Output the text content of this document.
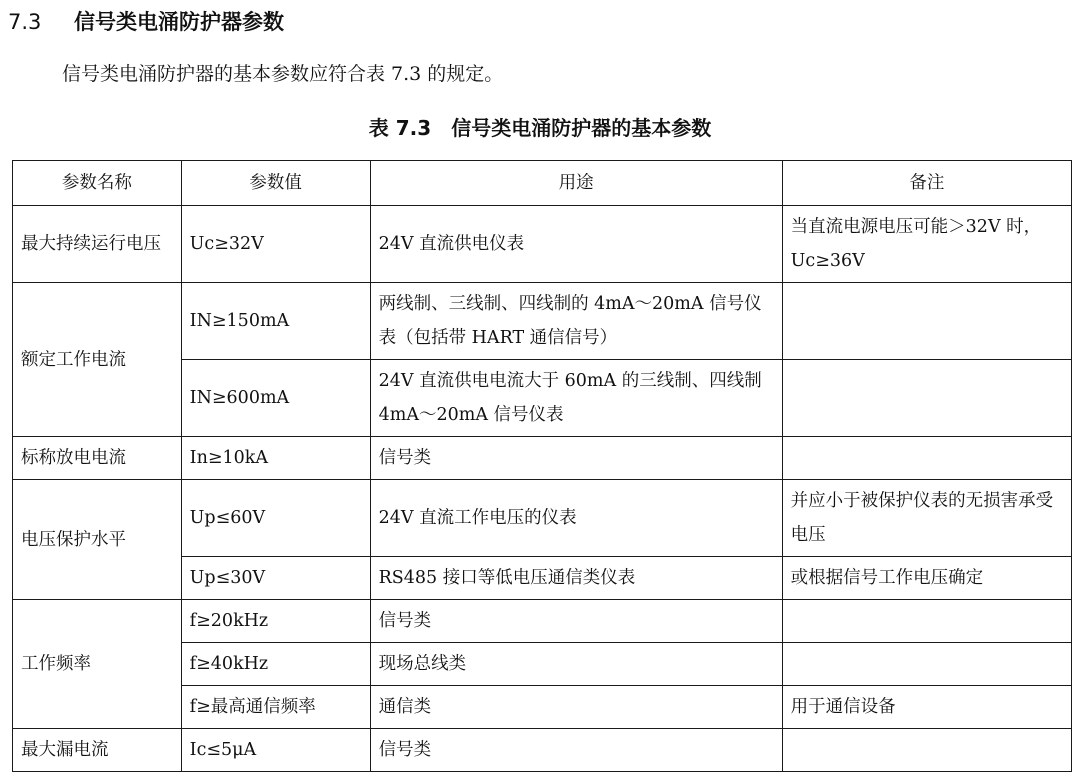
7.3 信号类电涌防护器参数
信号类电涌防护器的基本参数应符合表 7.3 的规定。
表 7.3 信号类电涌防护器的基本参数
参数名称	参数值	用途	备注
最大持续运行电压	Uc≥32V	24V 直流供电仪表	当直流电源电压可能＞32V 时，Uc≥36V
额定工作电流	IN≥150mA	两线制、三线制、四线制的 4mA～20mA 信号仪表（包括带 HART 通信信号）	
	IN≥600mA	24V 直流供电电流大于 60mA 的三线制、四线制 4mA～20mA 信号仪表	
标称放电电流	In≥10kA	信号类	
电压保护水平	Up≤60V	24V 直流工作电压的仪表	并应小于被保护仪表的无损害承受电压
	Up≤30V	RS485 接口等低电压通信类仪表	或根据信号工作电压确定
工作频率	f≥20kHz	信号类	
	f≥40kHz	现场总线类	
	f≥最高通信频率	通信类	用于通信设备
最大漏电流	Ic≤5μA	信号类	
